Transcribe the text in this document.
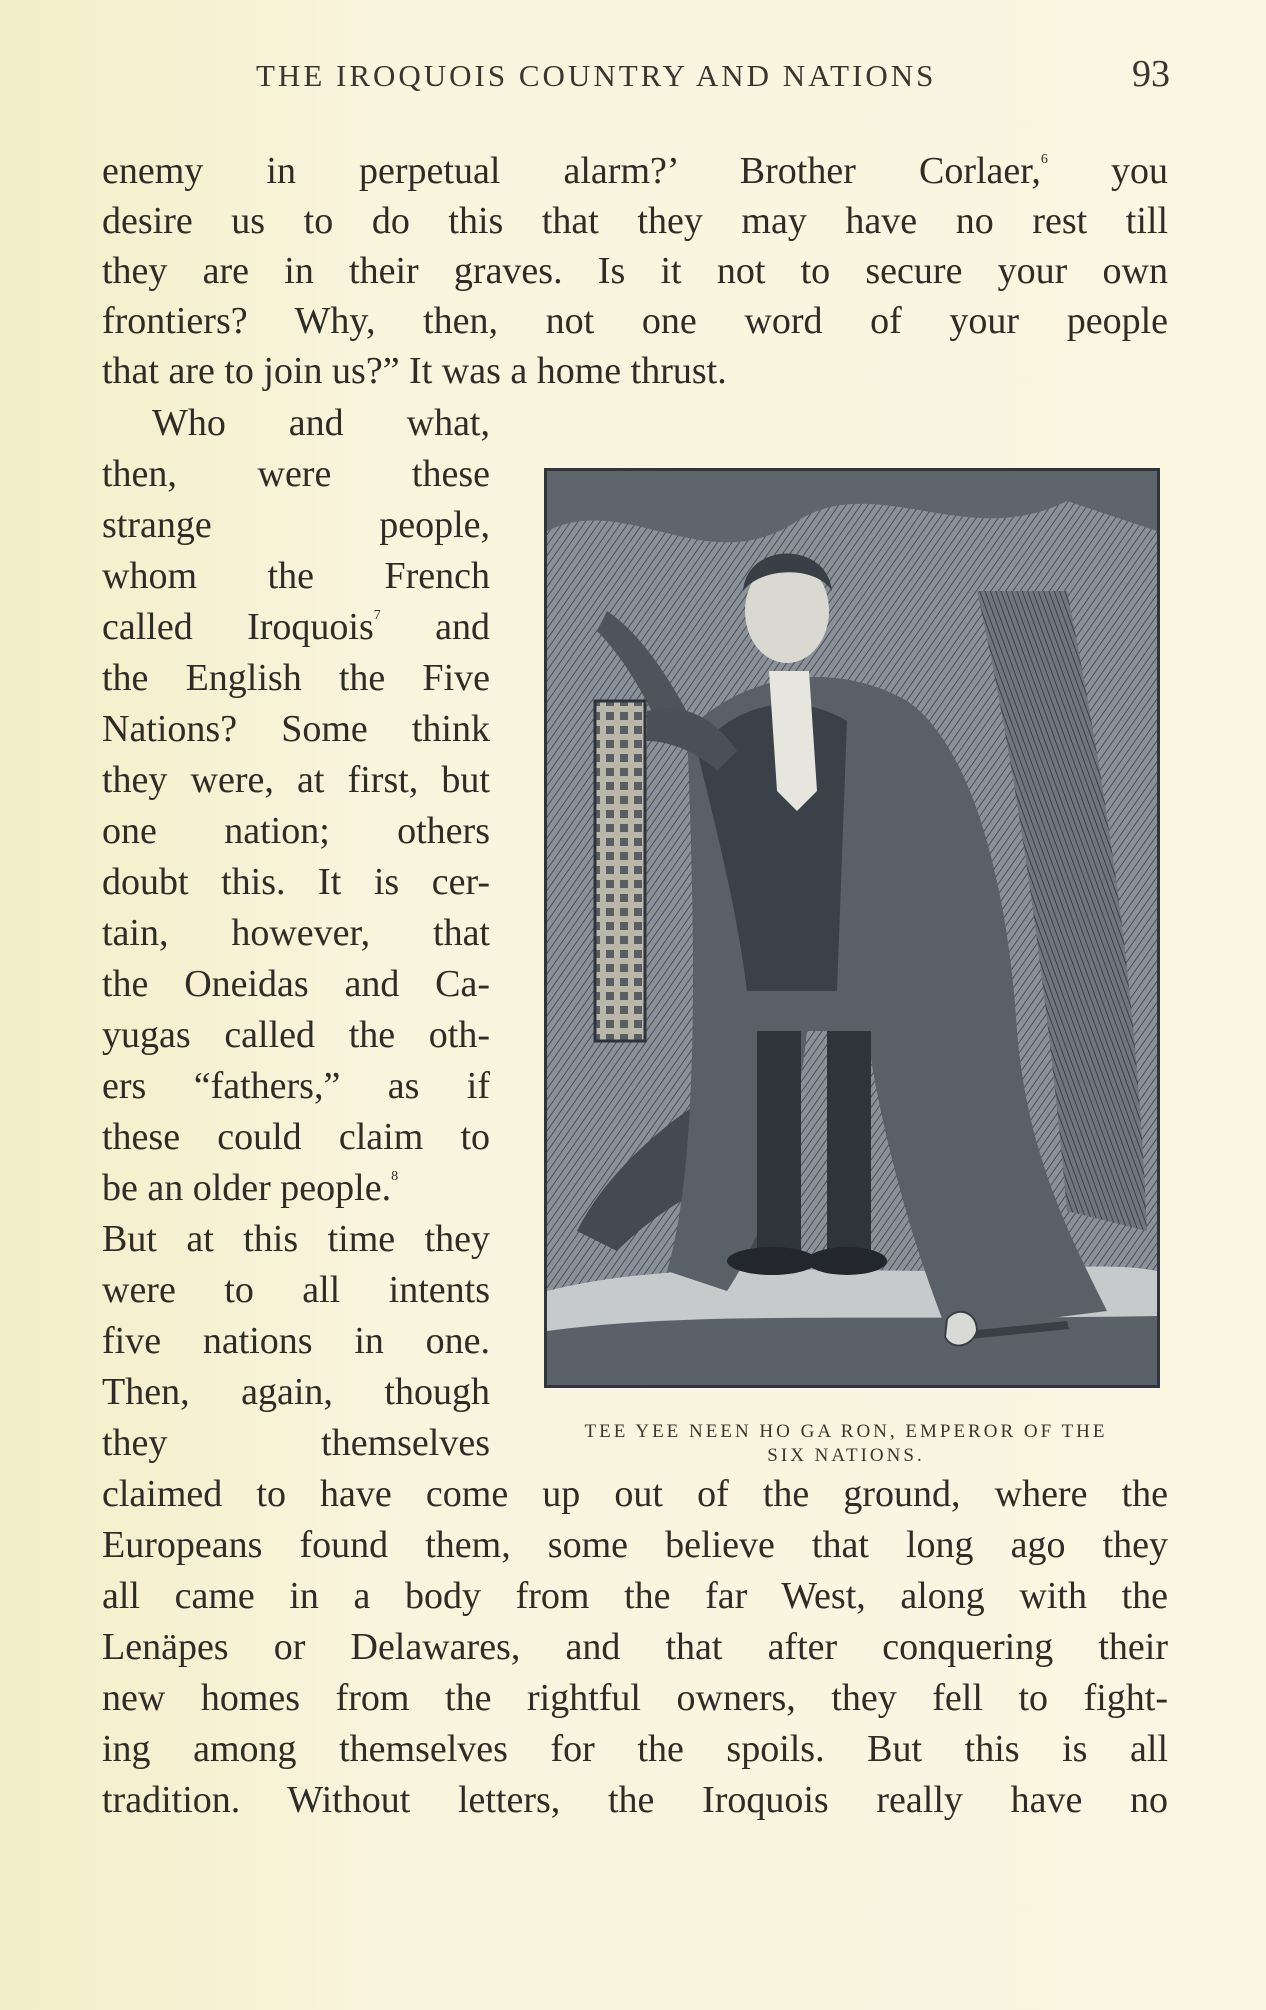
THE IROQUOIS COUNTRY AND NATIONS	93
enemy in perpetual alarm?’ Brother Corlaer,$^6$ you
desire us to do this that they may have no rest till
they are in their graves. Is it not to secure your own
frontiers? Why, then, not one word of your people
that are to join us?” It was a home thrust.
Who and what,
then, were these
strange people,
whom the French
called Iroquois$^7$ and
the English the Five
Nations? Some think
they were, at first, but
one nation; others
doubt this. It is cer-
tain, however, that
the Oneidas and Ca-
yugas called the oth-
ers “fathers,” as if
these could claim to
be an older people.$^8$
But at this time they
were to all intents
five nations in one.
Then, again, though
they themselves	TEE YEE NEEN HO GA RON, EMPEROR OF THE
SIX NATIONS.
claimed to have come up out of the ground, where the
Europeans found them, some believe that long ago they
all came in a body from the far West, along with the
Lenäpes or Delawares, and that after conquering their
new homes from the rightful owners, they fell to fight-
ing among themselves for the spoils. But this is all
tradition. Without letters, the Iroquois really have no
